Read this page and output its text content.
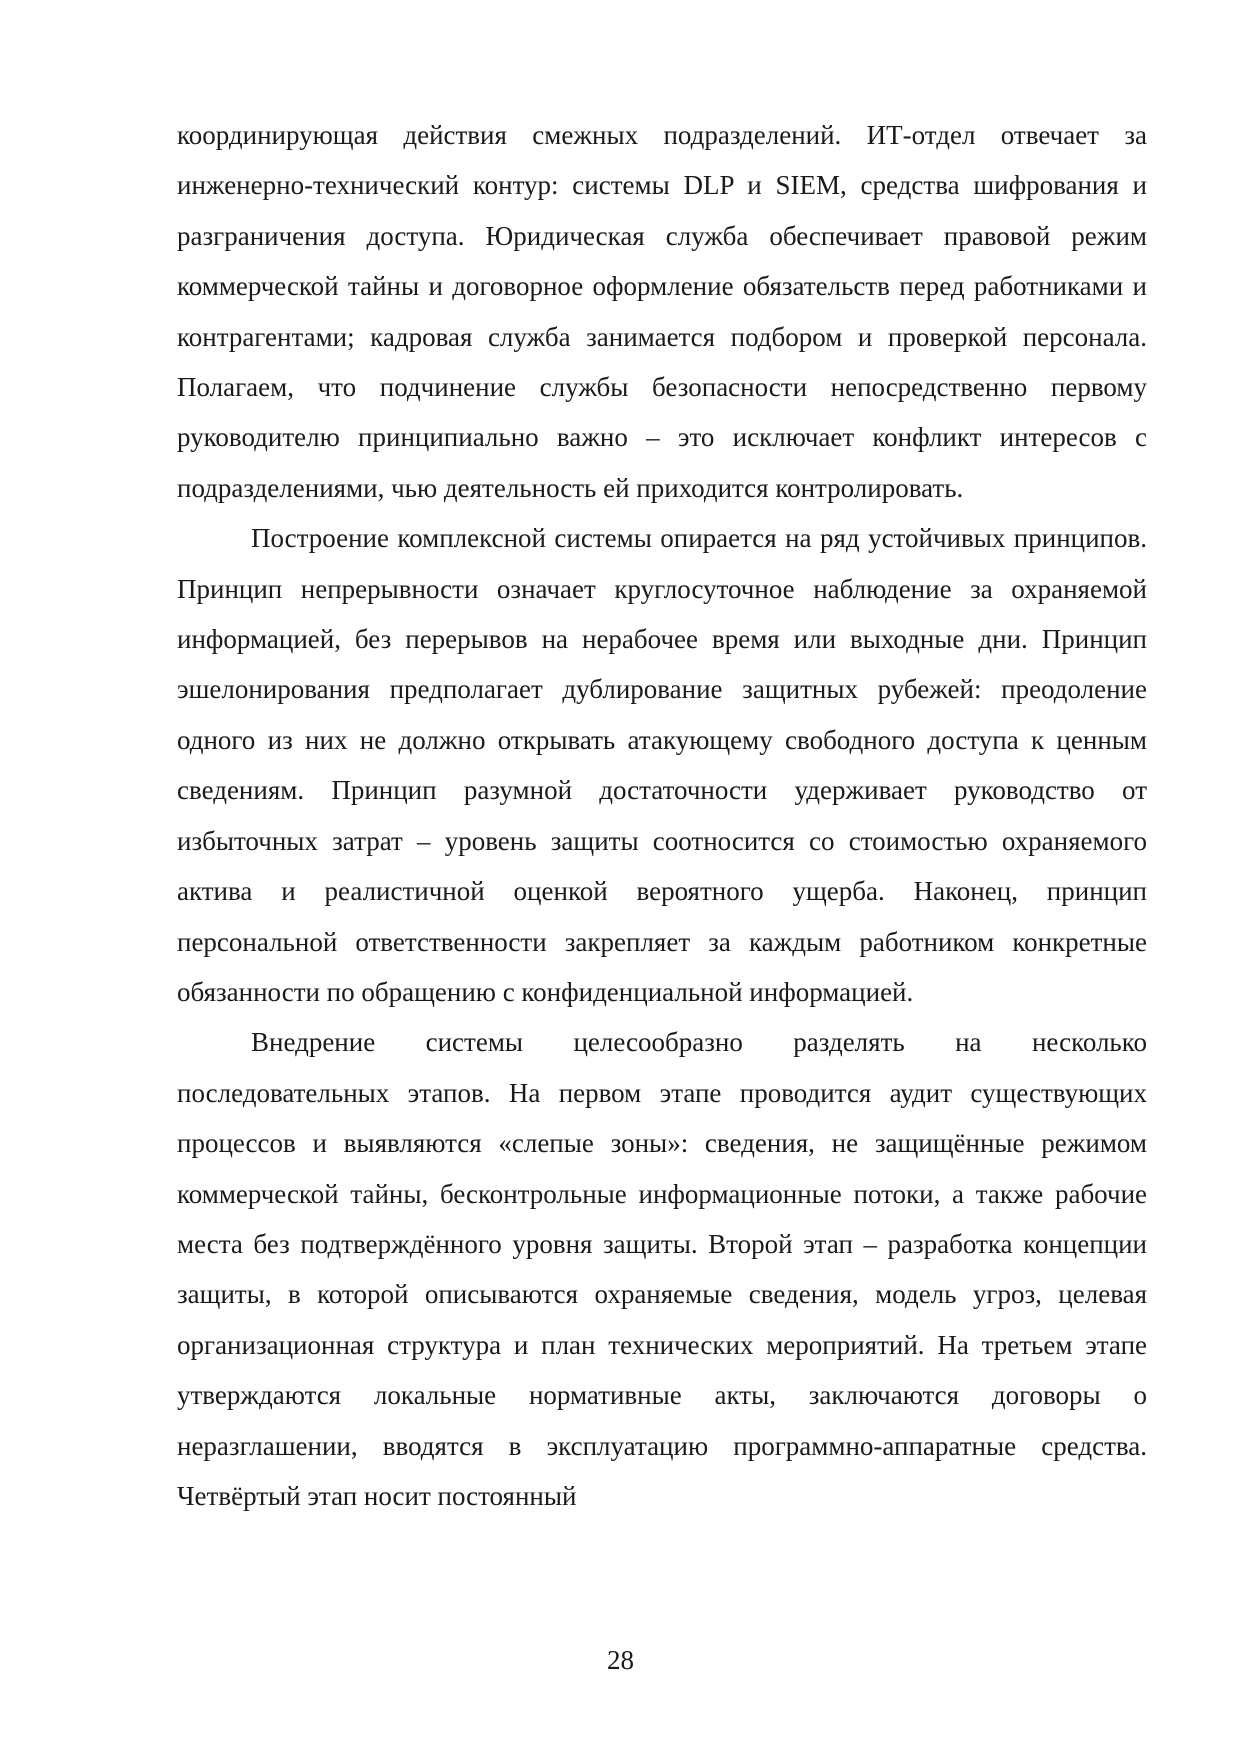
координирующая действия смежных подразделений. ИТ-отдел отвечает за инженерно-технический контур: системы DLP и SIEM, средства шифрования и разграничения доступа. Юридическая служба обеспечивает правовой режим коммерческой тайны и договорное оформление обязательств перед работниками и контрагентами; кадровая служба занимается подбором и проверкой персонала. Полагаем, что подчинение службы безопасности непосредственно первому руководителю принципиально важно – это исключает конфликт интересов с подразделениями, чью деятельность ей приходится контролировать.

Построение комплексной системы опирается на ряд устойчивых принципов. Принцип непрерывности означает круглосуточное наблюдение за охраняемой информацией, без перерывов на нерабочее время или выходные дни. Принцип эшелонирования предполагает дублирование защитных рубежей: преодоление одного из них не должно открывать атакующему свободного доступа к ценным сведениям. Принцип разумной достаточности удерживает руководство от избыточных затрат – уровень защиты соотносится со стоимостью охраняемого актива и реалистичной оценкой вероятного ущерба. Наконец, принцип персональной ответственности закрепляет за каждым работником конкретные обязанности по обращению с конфиденциальной информацией.

Внедрение системы целесообразно разделять на несколько последовательных этапов. На первом этапе проводится аудит существующих процессов и выявляются «слепые зоны»: сведения, не защищённые режимом коммерческой тайны, бесконтрольные информационные потоки, а также рабочие места без подтверждённого уровня защиты. Второй этап – разработка концепции защиты, в которой описываются охраняемые сведения, модель угроз, целевая организационная структура и план технических мероприятий. На третьем этапе утверждаются локальные нормативные акты, заключаются договоры о неразглашении, вводятся в эксплуатацию программно-аппаратные средства. Четвёртый этап носит постоянный

28
